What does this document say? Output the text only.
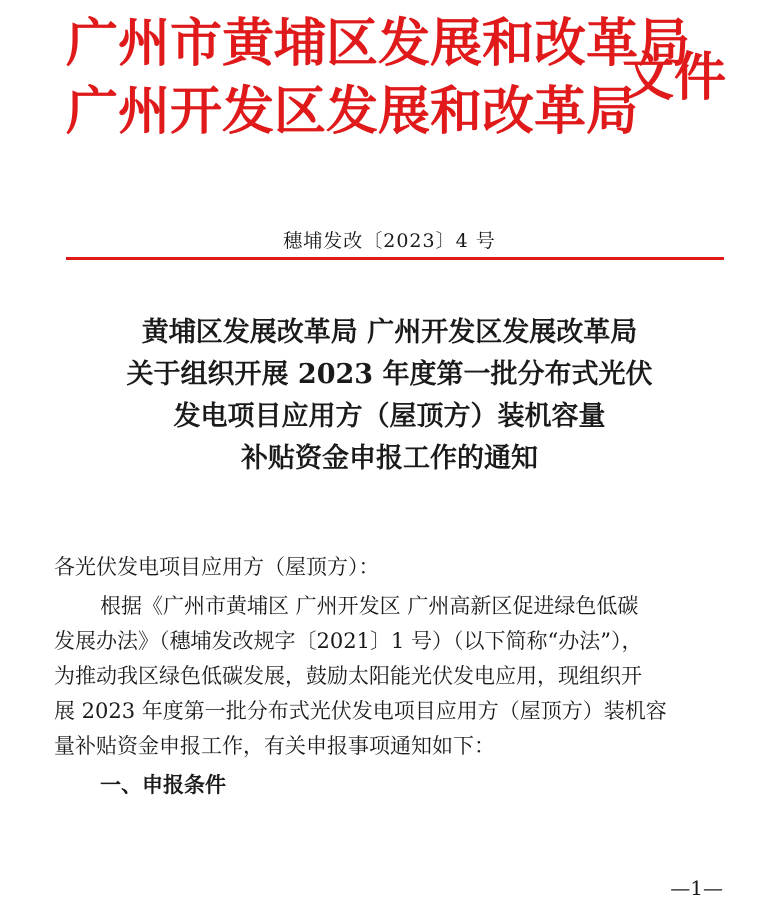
广州市黄埔区发展和改革局
广州开发区发展和改革局
文件
穗埔发改〔2023〕4 号
黄埔区发展改革局 广州开发区发展改革局
关于组织开展 2023 年度第一批分布式光伏
发电项目应用方（屋顶方）装机容量
补贴资金申报工作的通知

各光伏发电项目应用方（屋顶方）：

根据《广州市黄埔区 广州开发区 广州高新区促进绿色低碳

发展办法》（穗埔发改规字〔2021〕1 号）（以下简称“办法”），

为推动我区绿色低碳发展，鼓励太阳能光伏发电应用，现组织开

展 2023 年度第一批分布式光伏发电项目应用方（屋顶方）装机容

量补贴资金申报工作，有关申报事项通知如下：

一、申报条件
—1—
